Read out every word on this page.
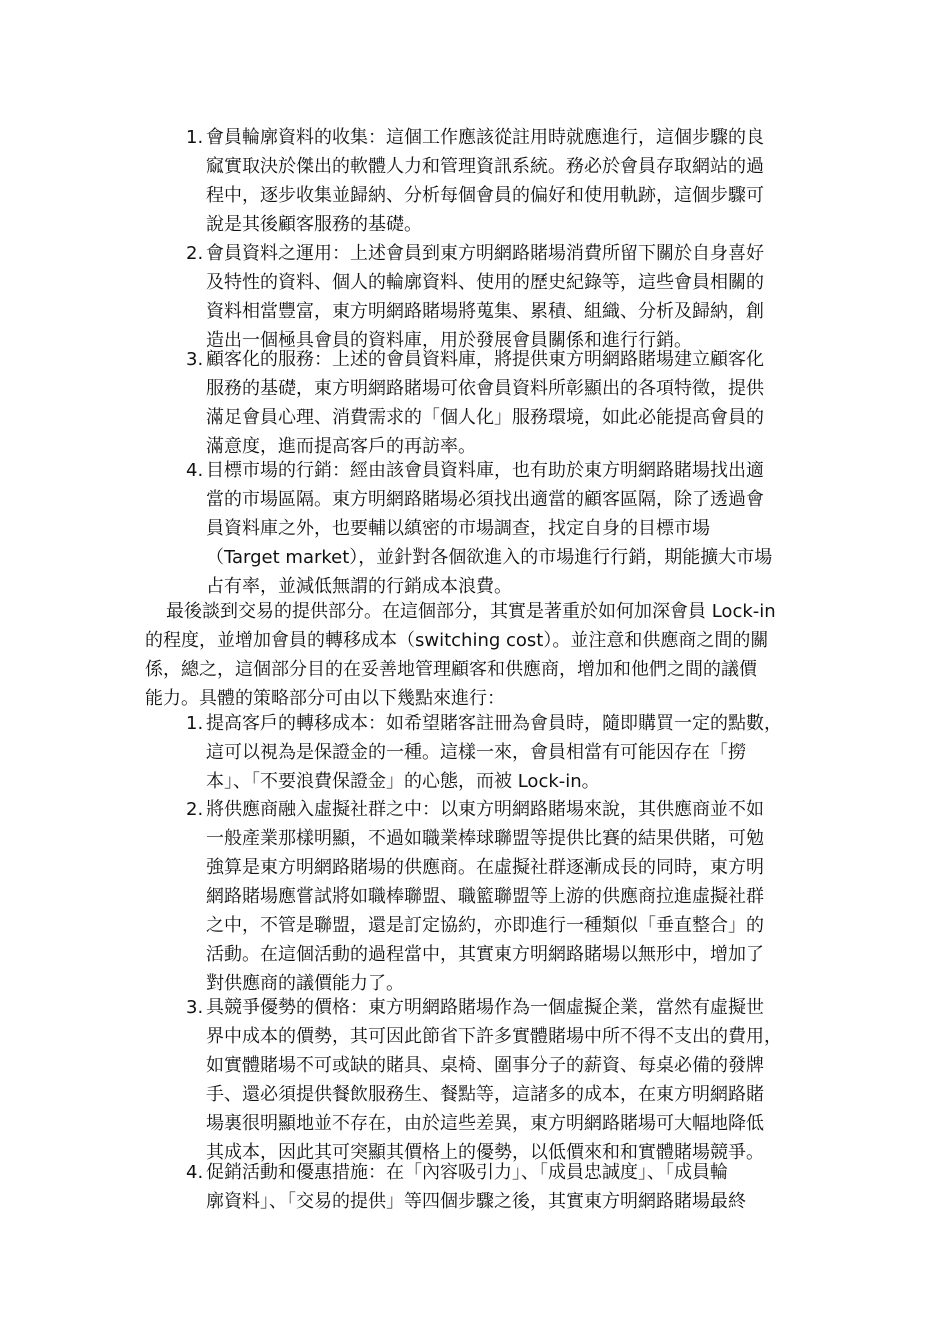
1. 會員輪廓資料的收集：這個工作應該從註用時就應進行，這個步驟的良
窳實取決於傑出的軟體人力和管理資訊系統。務必於會員存取網站的過
程中，逐步收集並歸納、分析每個會員的偏好和使用軌跡，這個步驟可
說是其後顧客服務的基礎。
2. 會員資料之運用：上述會員到東方明網路賭場消費所留下關於自身喜好
及特性的資料、個人的輪廓資料、使用的歷史紀錄等，這些會員相關的
資料相當豐富，東方明網路賭場將蒐集、累積、組織、分析及歸納，創
造出一個極具會員的資料庫，用於發展會員關係和進行行銷。
3. 顧客化的服務：上述的會員資料庫，將提供東方明網路賭場建立顧客化
服務的基礎，東方明網路賭場可依會員資料所彰顯出的各項特徵，提供
滿足會員心理、消費需求的「個人化」服務環境，如此必能提高會員的
滿意度，進而提高客戶的再訪率。
4. 目標市場的行銷：經由該會員資料庫，也有助於東方明網路賭場找出適
當的市場區隔。東方明網路賭場必須找出適當的顧客區隔，除了透過會
員資料庫之外，也要輔以縝密的市場調查，找定自身的目標市場
（Target market），並針對各個欲進入的市場進行行銷，期能擴大市場
占有率，並減低無謂的行銷成本浪費。
最後談到交易的提供部分。在這個部分，其實是著重於如何加深會員 Lock-in
的程度，並增加會員的轉移成本（switching cost）。並注意和供應商之間的關
係，總之，這個部分目的在妥善地管理顧客和供應商，增加和他們之間的議價
能力。具體的策略部分可由以下幾點來進行：
1. 提高客戶的轉移成本：如希望賭客註冊為會員時，隨即購買一定的點數，
這可以視為是保證金的一種。這樣一來，會員相當有可能因存在「撈
本」、「不要浪費保證金」的心態，而被 Lock-in。
2. 將供應商融入虛擬社群之中：以東方明網路賭場來說，其供應商並不如
一般產業那樣明顯，不過如職業棒球聯盟等提供比賽的結果供賭，可勉
強算是東方明網路賭場的供應商。在虛擬社群逐漸成長的同時，東方明
網路賭場應嘗試將如職棒聯盟、職籃聯盟等上游的供應商拉進虛擬社群
之中，不管是聯盟，還是訂定協約，亦即進行一種類似「垂直整合」的
活動。在這個活動的過程當中，其實東方明網路賭場以無形中，增加了
對供應商的議價能力了。
3. 具競爭優勢的價格：東方明網路賭場作為一個虛擬企業，當然有虛擬世
界中成本的價勢，其可因此節省下許多實體賭場中所不得不支出的費用，
如實體賭場不可或缺的賭具、桌椅、圍事分子的薪資、每桌必備的發牌
手、還必須提供餐飲服務生、餐點等，這諸多的成本，在東方明網路賭
場裏很明顯地並不存在，由於這些差異，東方明網路賭場可大幅地降低
其成本，因此其可突顯其價格上的優勢，以低價來和和實體賭場競爭。
4. 促銷活動和優惠措施：在「內容吸引力」、「成員忠誠度」、「成員輪
廓資料」、「交易的提供」等四個步驟之後，其實東方明網路賭場最終
